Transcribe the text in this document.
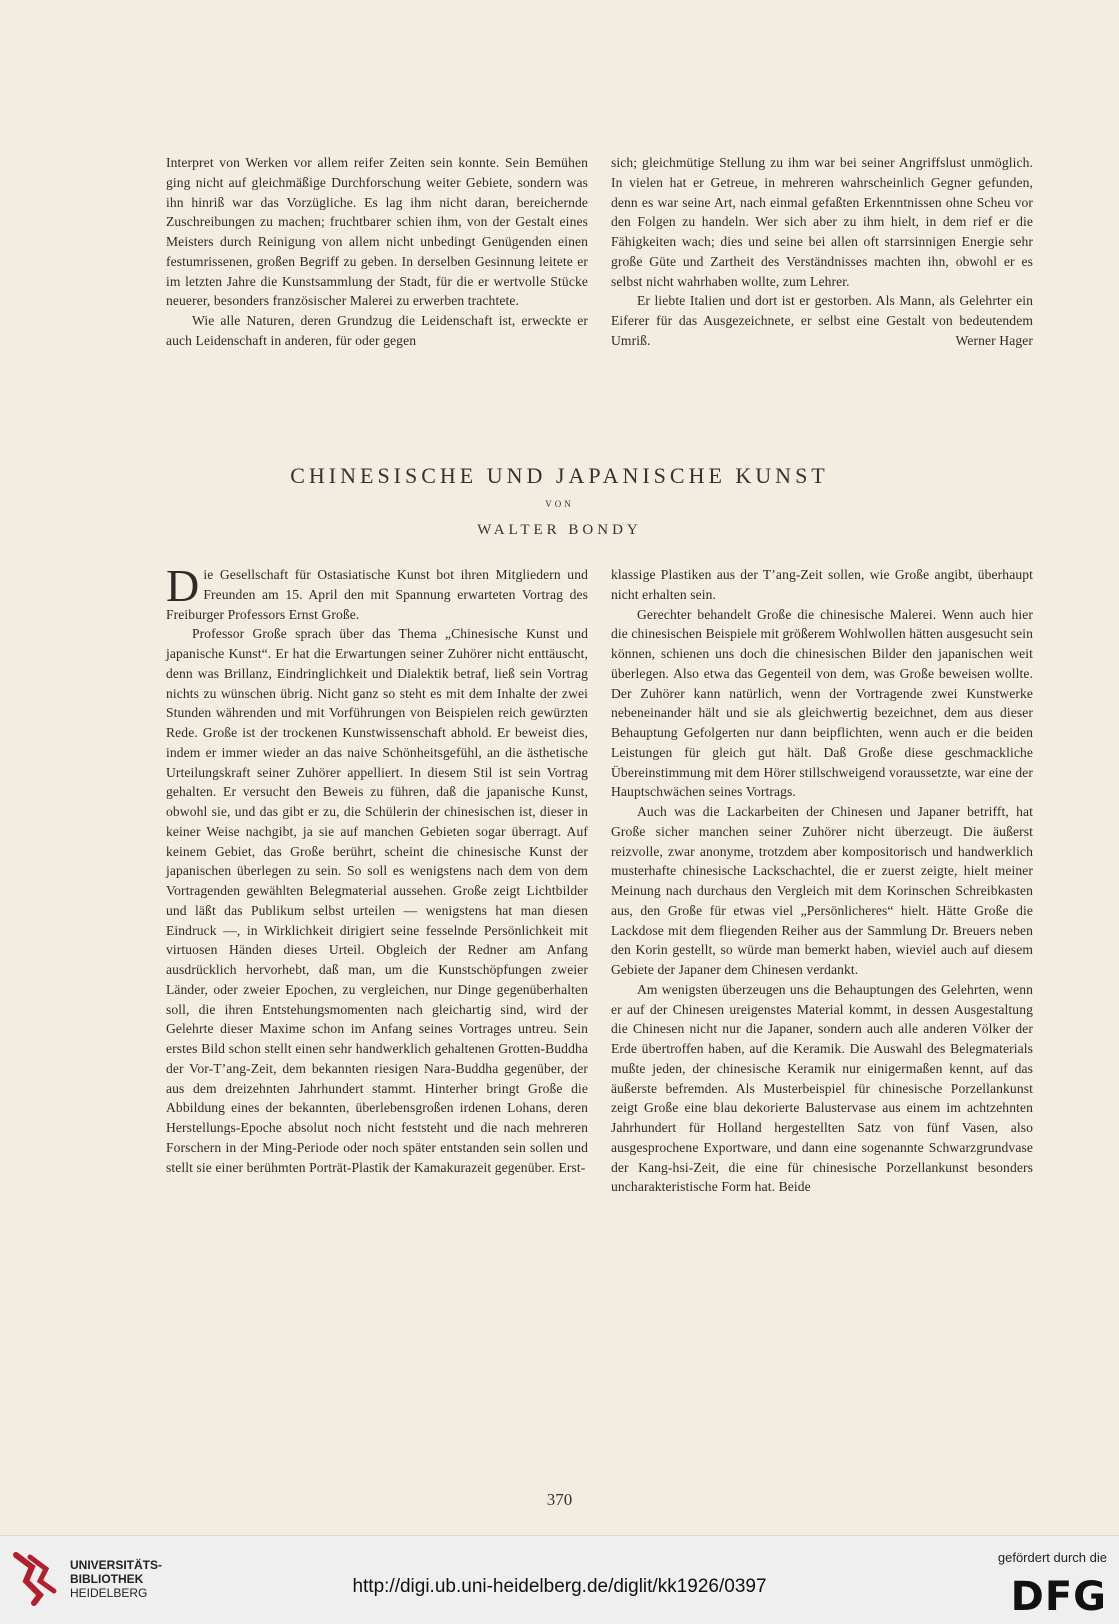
Interpret von Werken vor allem reifer Zeiten sein konnte. Sein Bemühen ging nicht auf gleichmäßige Durchforschung weiter Gebiete, sondern was ihn hinriß war das Vorzügliche. Es lag ihm nicht daran, bereichernde Zuschreibungen zu machen; fruchtbarer schien ihm, von der Gestalt eines Meisters durch Reinigung von allem nicht unbedingt Genügenden einen festumrissenen, großen Begriff zu geben. In derselben Gesinnung leitete er im letzten Jahre die Kunstsammlung der Stadt, für die er wertvolle Stücke neuerer, besonders französischer Malerei zu erwerben trachtete.

Wie alle Naturen, deren Grundzug die Leidenschaft ist, erweckte er auch Leidenschaft in anderen, für oder gegen

sich; gleichmütige Stellung zu ihm war bei seiner Angriffslust unmöglich. In vielen hat er Getreue, in mehreren wahrscheinlich Gegner gefunden, denn es war seine Art, nach einmal gefaßten Erkenntnissen ohne Scheu vor den Folgen zu handeln. Wer sich aber zu ihm hielt, in dem rief er die Fähigkeiten wach; dies und seine bei allen oft starrsinnigen Energie sehr große Güte und Zartheit des Verständnisses machten ihn, obwohl er es selbst nicht wahrhaben wollte, zum Lehrer.

Er liebte Italien und dort ist er gestorben. Als Mann, als Gelehrter ein Eiferer für das Ausgezeichnete, er selbst eine Gestalt von bedeutendem Umriß.	Werner Hager

CHINESISCHE UND JAPANISCHE KUNST
VON
WALTER BONDY

Die Gesellschaft für Ostasiatische Kunst bot ihren Mitgliedern und Freunden am 15. April den mit Spannung erwarteten Vortrag des Freiburger Professors Ernst Große.

Professor Große sprach über das Thema „Chinesische Kunst und japanische Kunst“. Er hat die Erwartungen seiner Zuhörer nicht enttäuscht, denn was Brillanz, Eindringlichkeit und Dialektik betraf, ließ sein Vortrag nichts zu wünschen übrig. Nicht ganz so steht es mit dem Inhalte der zwei Stunden währenden und mit Vorführungen von Beispielen reich gewürzten Rede. Große ist der trockenen Kunstwissenschaft abhold. Er beweist dies, indem er immer wieder an das naive Schönheitsgefühl, an die ästhetische Urteilungskraft seiner Zuhörer appelliert. In diesem Stil ist sein Vortrag gehalten. Er versucht den Beweis zu führen, daß die japanische Kunst, obwohl sie, und das gibt er zu, die Schülerin der chinesischen ist, dieser in keiner Weise nachgibt, ja sie auf manchen Gebieten sogar überragt. Auf keinem Gebiet, das Große berührt, scheint die chinesische Kunst der japanischen überlegen zu sein. So soll es wenigstens nach dem von dem Vortragenden gewählten Belegmaterial aussehen. Große zeigt Lichtbilder und läßt das Publikum selbst urteilen — wenigstens hat man diesen Eindruck —, in Wirklichkeit dirigiert seine fesselnde Persönlichkeit mit virtuosen Händen dieses Urteil. Obgleich der Redner am Anfang ausdrücklich hervorhebt, daß man, um die Kunstschöpfungen zweier Länder, oder zweier Epochen, zu vergleichen, nur Dinge gegenüberhalten soll, die ihren Entstehungsmomenten nach gleichartig sind, wird der Gelehrte dieser Maxime schon im Anfang seines Vortrages untreu. Sein erstes Bild schon stellt einen sehr handwerklich gehaltenen Grotten-Buddha der Vor-T’ang-Zeit, dem bekannten riesigen Nara-Buddha gegenüber, der aus dem dreizehnten Jahrhundert stammt. Hinterher bringt Große die Abbildung eines der bekannten, überlebensgroßen irdenen Lohans, deren Herstellungs-Epoche absolut noch nicht feststeht und die nach mehreren Forschern in der Ming-Periode oder noch später entstanden sein sollen und stellt sie einer berühmten Porträt-Plastik der Kamakurazeit gegenüber. Erst-

klassige Plastiken aus der T’ang-Zeit sollen, wie Große angibt, überhaupt nicht erhalten sein.

Gerechter behandelt Große die chinesische Malerei. Wenn auch hier die chinesischen Beispiele mit größerem Wohlwollen hätten ausgesucht sein können, schienen uns doch die chinesischen Bilder den japanischen weit überlegen. Also etwa das Gegenteil von dem, was Große beweisen wollte. Der Zuhörer kann natürlich, wenn der Vortragende zwei Kunstwerke nebeneinander hält und sie als gleichwertig bezeichnet, dem aus dieser Behauptung Gefolgerten nur dann beipflichten, wenn auch er die beiden Leistungen für gleich gut hält. Daß Große diese geschmackliche Übereinstimmung mit dem Hörer stillschweigend voraussetzte, war eine der Hauptschwächen seines Vortrags.

Auch was die Lackarbeiten der Chinesen und Japaner betrifft, hat Große sicher manchen seiner Zuhörer nicht überzeugt. Die äußerst reizvolle, zwar anonyme, trotzdem aber kompositorisch und handwerklich musterhafte chinesische Lackschachtel, die er zuerst zeigte, hielt meiner Meinung nach durchaus den Vergleich mit dem Korinschen Schreibkasten aus, den Große für etwas viel „Persönlicheres“ hielt. Hätte Große die Lackdose mit dem fliegenden Reiher aus der Sammlung Dr. Breuers neben den Korin gestellt, so würde man bemerkt haben, wieviel auch auf diesem Gebiete der Japaner dem Chinesen verdankt.

Am wenigsten überzeugen uns die Behauptungen des Gelehrten, wenn er auf der Chinesen ureigenstes Material kommt, in dessen Ausgestaltung die Chinesen nicht nur die Japaner, sondern auch alle anderen Völker der Erde übertroffen haben, auf die Keramik. Die Auswahl des Belegmaterials mußte jeden, der chinesische Keramik nur einigermaßen kennt, auf das äußerste befremden. Als Musterbeispiel für chinesische Porzellankunst zeigt Große eine blau dekorierte Balustervase aus einem im achtzehnten Jahrhundert für Holland hergestellten Satz von fünf Vasen, also ausgesprochene Exportware, und dann eine sogenannte Schwarzgrundvase der Kang-hsi-Zeit, die eine für chinesische Porzellankunst besonders uncharakteristische Form hat. Beide

370
UNIVERSITÄTS-
BIBLIOTHEK
HEIDELBERG	http://digi.ub.uni-heidelberg.de/diglit/kk1926/0397
gefördert durch die
DFG
